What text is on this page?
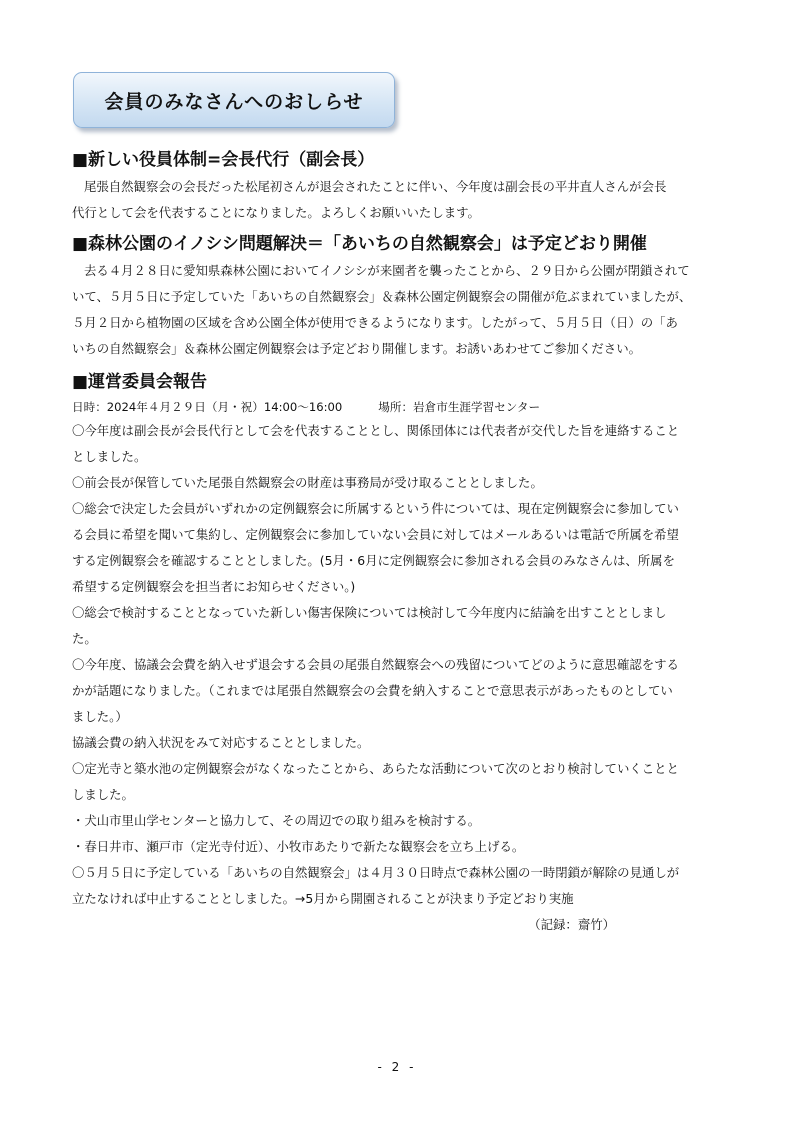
会員のみなさんへのおしらせ
■新しい役員体制=会長代行（副会長）

尾張自然観察会の会長だった松尾初さんが退会されたことに伴い、今年度は副会長の平井直人さんが会長

代行として会を代表することになりました。よろしくお願いいたします。

■森林公園のイノシシ問題解決＝「あいちの自然観察会」は予定どおり開催

去る４月２８日に愛知県森林公園においてイノシシが来園者を襲ったことから、２９日から公園が閉鎖されて

いて、５月５日に予定していた「あいちの自然観察会」＆森林公園定例観察会の開催が危ぶまれていましたが、

５月２日から植物園の区域を含め公園全体が使用できるようになります。したがって、５月５日（日）の「あ

いちの自然観察会」＆森林公園定例観察会は予定どおり開催します。お誘いあわせてご参加ください。

■運営委員会報告

日時：2024年４月２９日（月・祝）14:00〜16:00	場所：岩倉市生涯学習センター

〇今年度は副会長が会長代行として会を代表することとし、関係団体には代表者が交代した旨を連絡すること

としました。

〇前会長が保管していた尾張自然観察会の財産は事務局が受け取ることとしました。

〇総会で決定した会員がいずれかの定例観察会に所属するという件については、現在定例観察会に参加してい

る会員に希望を聞いて集約し、定例観察会に参加していない会員に対してはメールあるいは電話で所属を希望

する定例観察会を確認することとしました。(5月・6月に定例観察会に参加される会員のみなさんは、所属を

希望する定例観察会を担当者にお知らせください。)

〇総会で検討することとなっていた新しい傷害保険については検討して今年度内に結論を出すこととしまし

た。

〇今年度、協議会会費を納入せず退会する会員の尾張自然観察会への残留についてどのように意思確認をする

かが話題になりました。（これまでは尾張自然観察会の会費を納入することで意思表示があったものとしてい

ました。）

協議会費の納入状況をみて対応することとしました。

〇定光寺と築水池の定例観察会がなくなったことから、あらたな活動について次のとおり検討していくことと

しました。

・犬山市里山学センターと協力して、その周辺での取り組みを検討する。

・春日井市、瀬戸市（定光寺付近）、小牧市あたりで新たな観察会を立ち上げる。

〇５月５日に予定している「あいちの自然観察会」は４月３０日時点で森林公園の一時閉鎖が解除の見通しが

立たなければ中止することとしました。→5月から開園されることが決まり予定どおり実施

（記録：齋竹）

- 2 -
